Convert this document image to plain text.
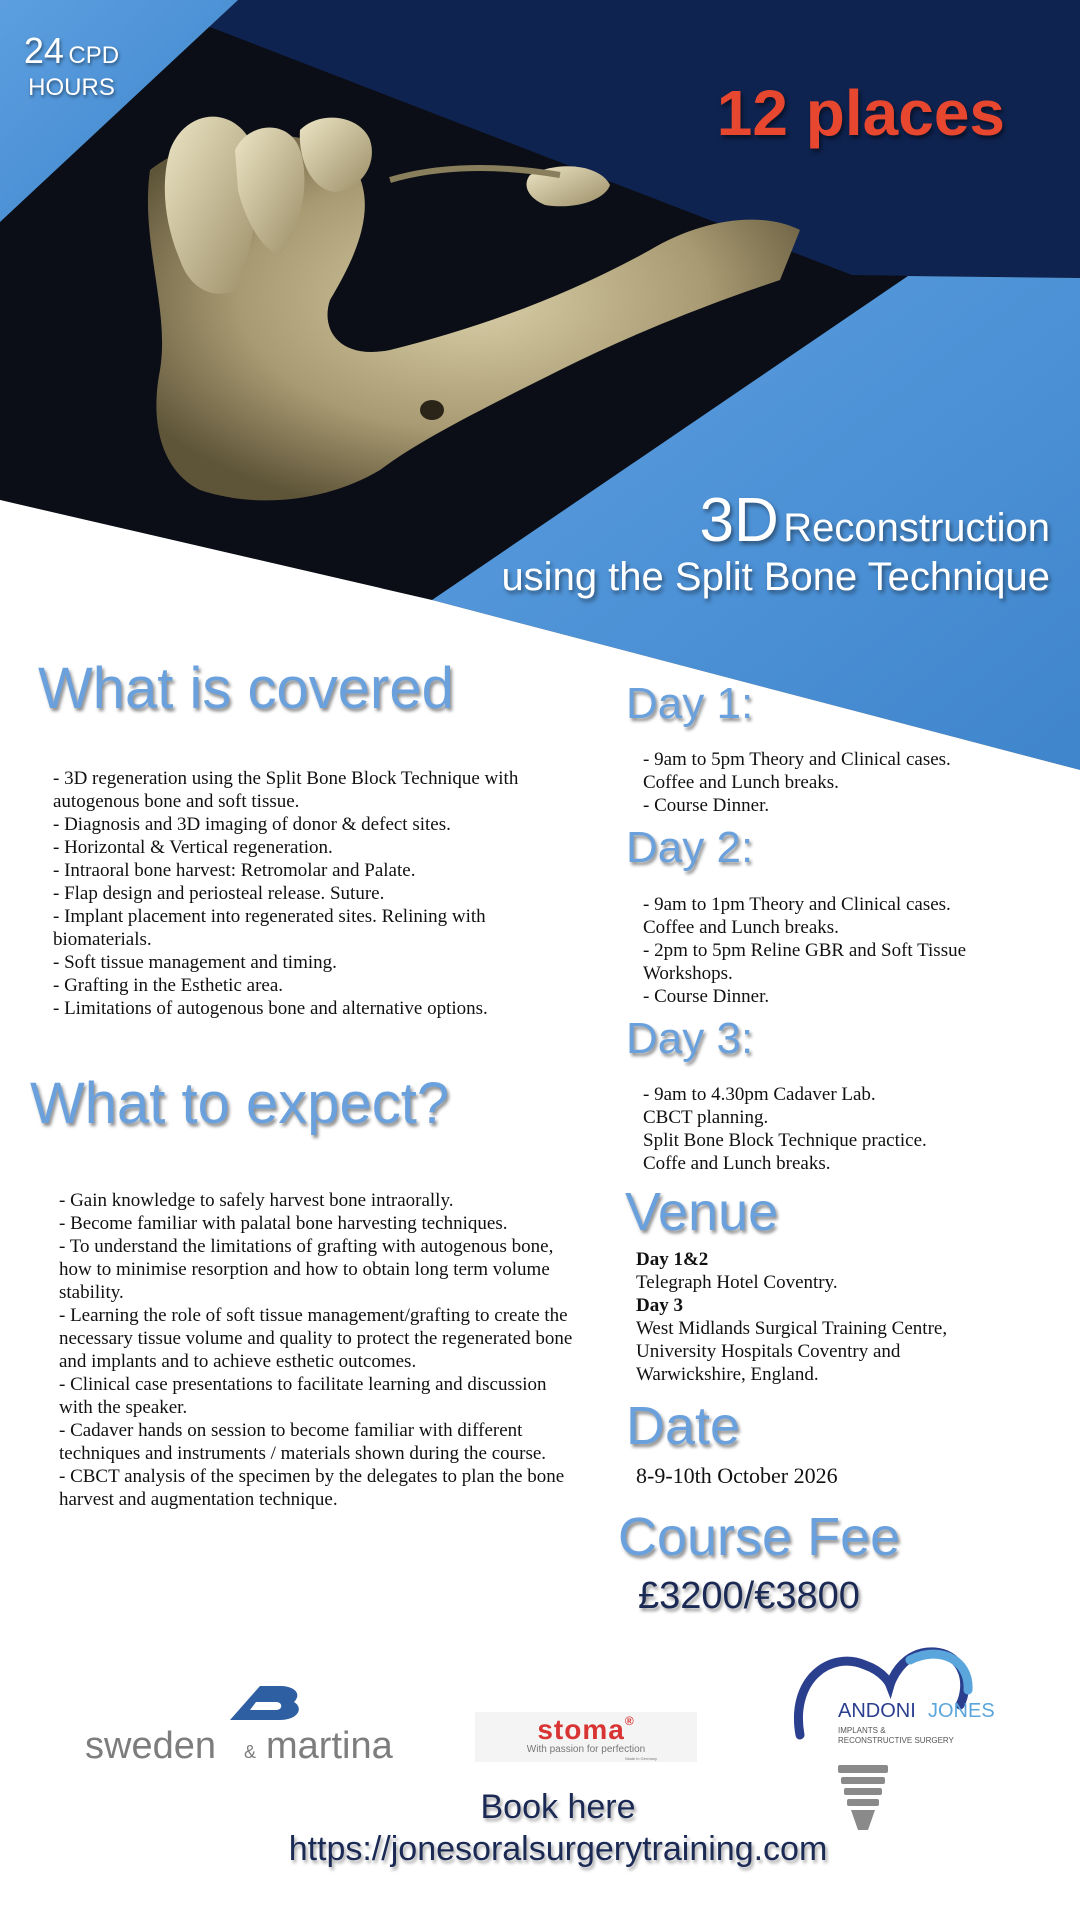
24 CPD
HOURS	12 places
3D Reconstruction
using the Split Bone Technique
What is covered
- 3D regeneration using the Split Bone Block Technique with autogenous bone and soft tissue.
- Diagnosis and 3D imaging of donor & defect sites.
- Horizontal & Vertical regeneration.
- Intraoral bone harvest: Retromolar and Palate.
- Flap design and periosteal release. Suture.
- Implant placement into regenerated sites. Relining with biomaterials.
- Soft tissue management and timing.
- Grafting in the Esthetic area.
- Limitations of autogenous bone and alternative options.
What to expect?
- Gain knowledge to safely harvest bone intraorally.
- Become familiar with palatal bone harvesting techniques.
- To understand the limitations of grafting with autogenous bone, how to minimise resorption and how to obtain long term volume stability.
- Learning the role of soft tissue management/grafting to create the necessary tissue volume and quality to protect the regenerated bone and implants and to achieve esthetic outcomes.
- Clinical case presentations to facilitate learning and discussion with the speaker.
- Cadaver hands on session to become familiar with different techniques and instruments / materials shown during the course.
- CBCT analysis of the specimen by the delegates to plan the bone harvest and augmentation technique.
Day 1:
- 9am to 5pm Theory and Clinical cases.
Coffee and Lunch breaks.
- Course Dinner.
Day 2:
- 9am to 1pm Theory and Clinical cases.
Coffee and Lunch breaks.
- 2pm to 5pm Reline GBR and Soft Tissue
Workshops.
- Course Dinner.
Day 3:
- 9am to 4.30pm Cadaver Lab.
CBCT planning.
Split Bone Block Technique practice.
Coffe and Lunch breaks.
Venue
Day 1&2
Telegraph Hotel Coventry.
Day 3
West Midlands Surgical Training Centre,
University Hospitals Coventry and
Warwickshire, England.
Date
8-9-10th October 2026
Course Fee
£3200/€3800
sweden & martina	stoma®
With passion for perfection
Made in Germany
ANDONI JONES
IMPLANTS &
RECONSTRUCTIVE SURGERY
Book here
https://jonesoralsurgerytraining.com
